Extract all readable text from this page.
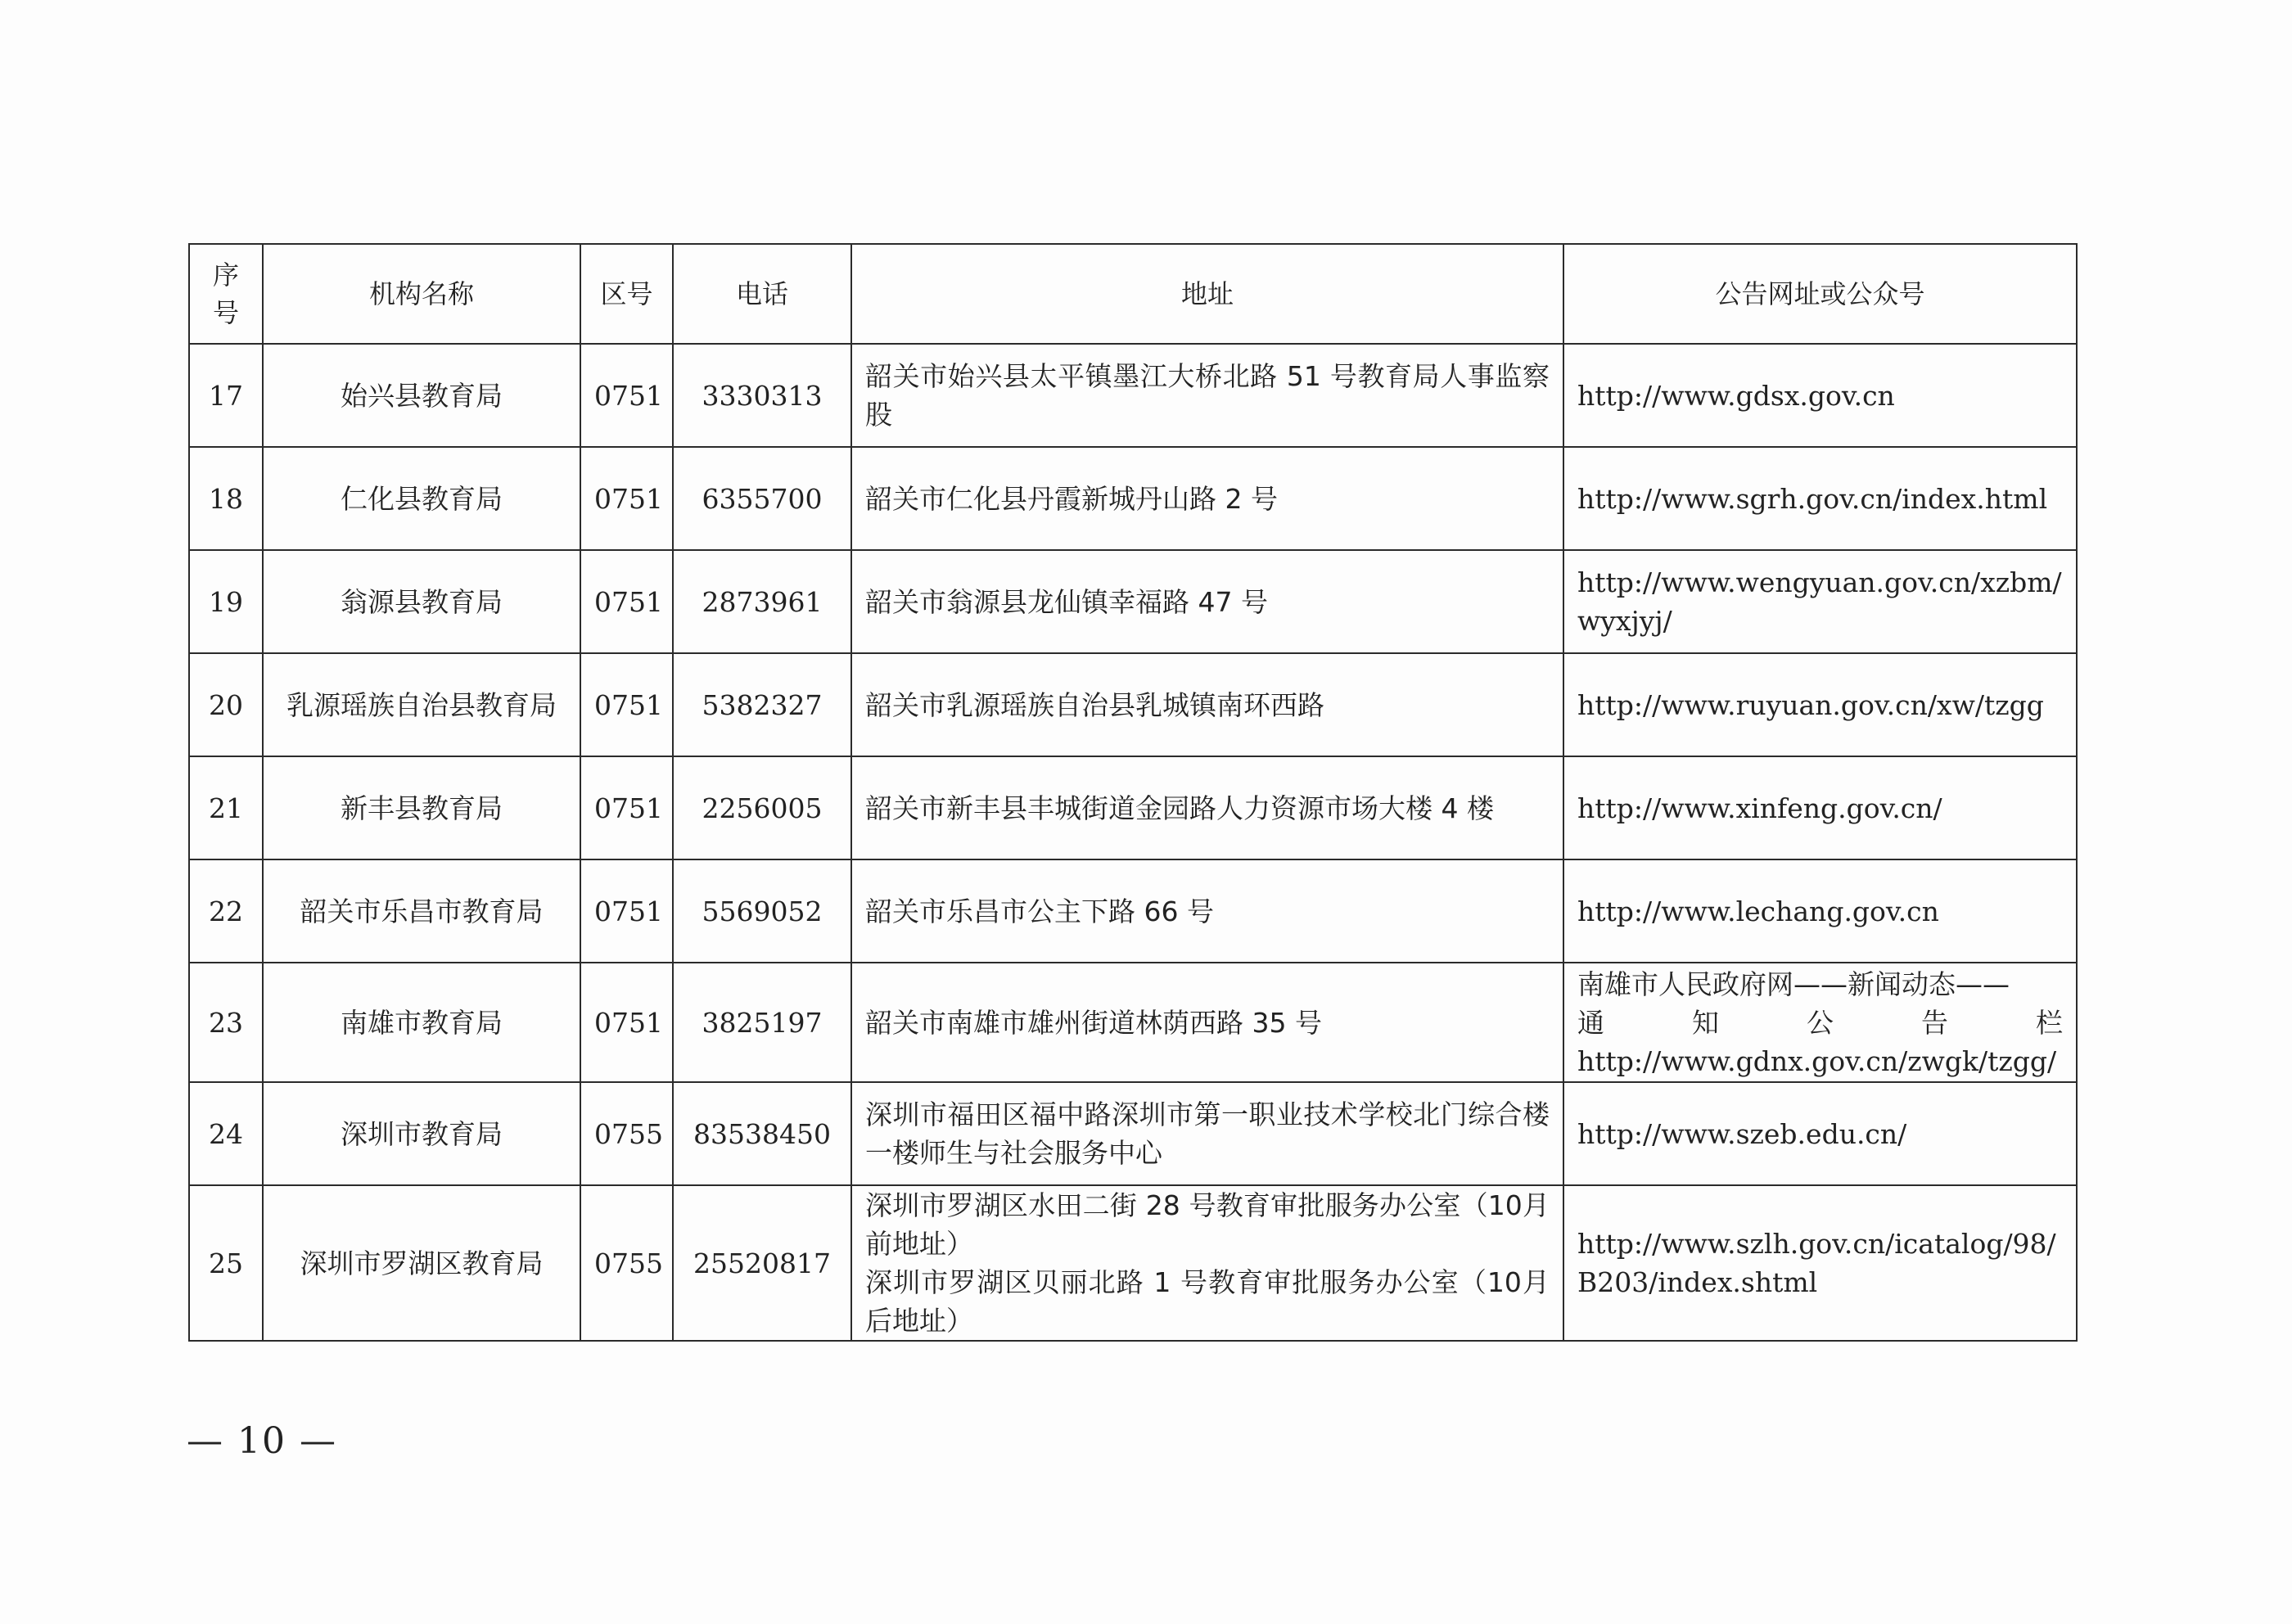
序
号	机构名称	区号	电话	地址	公告网址或公众号
17	始兴县教育局	0751	3330313	韶关市始兴县太平镇墨江大桥北路 51 号教育局人事监察股	http://www.gdsx.gov.cn
18	仁化县教育局	0751	6355700	韶关市仁化县丹霞新城丹山路 2 号	http://www.sgrh.gov.cn/index.html
19	翁源县教育局	0751	2873961	韶关市翁源县龙仙镇幸福路 47 号	http://www.wengyuan.gov.cn/xzbm/wyxjyj/
20	乳源瑶族自治县教育局	0751	5382327	韶关市乳源瑶族自治县乳城镇南环西路	http://www.ruyuan.gov.cn/xw/tzgg
21	新丰县教育局	0751	2256005	韶关市新丰县丰城街道金园路人力资源市场大楼 4 楼	http://www.xinfeng.gov.cn/
22	韶关市乐昌市教育局	0751	5569052	韶关市乐昌市公主下路 66 号	http://www.lechang.gov.cn
23	南雄市教育局	0751	3825197	韶关市南雄市雄州街道林荫西路 35 号	南雄市人民政府网——新闻动态——
通知公告栏
http://www.gdnx.gov.cn/zwgk/tzgg/

24	深圳市教育局	0755	83538450	深圳市福田区福中路深圳市第一职业技术学校北门综合楼一楼师生与社会服务中心	http://www.szeb.edu.cn/
25	深圳市罗湖区教育局	0755	25520817	深圳市罗湖区水田二街 28 号教育审批服务办公室（10月前地址）
深圳市罗湖区贝丽北路 1 号教育审批服务办公室（10月后地址）	http://www.szlh.gov.cn/icatalog/98/B203/index.shtml
— 10 —
